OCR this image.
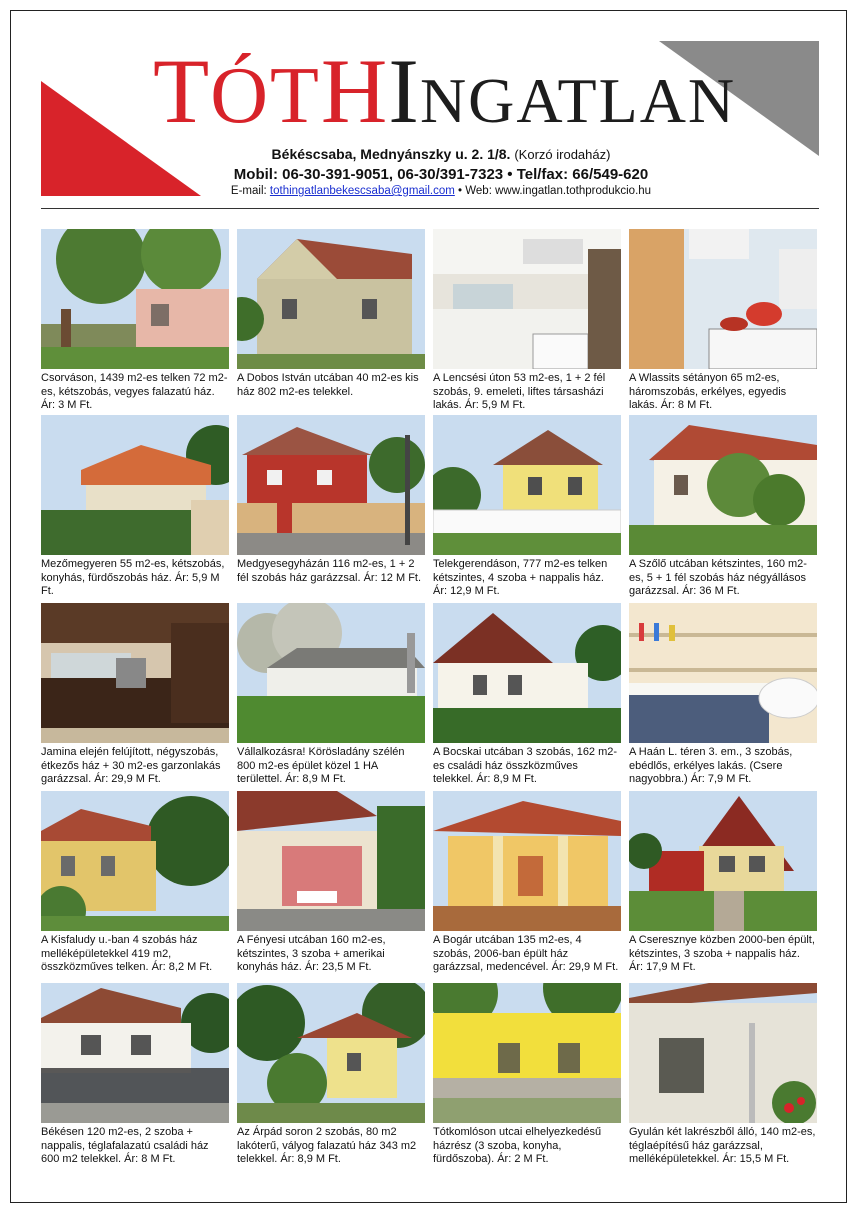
TÓTHINGATLAN
Békéscsaba, Mednyánszky u. 2. 1/8. (Korzó irodaház)
Mobil: 06-30-391-9051, 06-30/391-7323 • Tel/fax: 66/549-620
E-mail: tothingatlanbekescsaba@gmail.com • Web: www.ingatlan.tothprodukcio.hu
Csorváson, 1439 m2-es telken 72 m2-es, kétszobás, vegyes falazatú ház. Ár: 3 M Ft.
A Dobos István utcában 40 m2-es kis ház 802 m2-es telekkel.
A Lencsési úton 53 m2-es, 1 + 2 fél szobás, 9. emeleti, liftes társasházi lakás. Ár: 5,9 M Ft.
A Wlassits sétányon 65 m2-es, háromszobás, erkélyes, egyedis lakás. Ár: 8 M Ft.
Mezőmegyeren 55 m2-es, kétszobás, konyhás, fürdőszobás ház. Ár: 5,9 M Ft.
Medgyesegyházán 116 m2-es, 1 + 2 fél szobás ház garázzsal. Ár: 12 M Ft.
Telekgerendáson, 777 m2-es telken kétszintes, 4 szoba + nappalis ház. Ár: 12,9 M Ft.
A Szőlő utcában kétszintes, 160 m2-es, 5 + 1 fél szobás ház négyállásos garázzsal. Ár: 36 M Ft.
Jamina elején felújított, négyszobás, étkezős ház + 30 m2-es garzonlakás garázzsal. Ár: 29,9 M Ft.
Vállalkozásra! Körösladány szélén 800 m2-es épület közel 1 HA területtel. Ár: 8,9 M Ft.
A Bocskai utcában 3 szobás, 162 m2-es családi ház összközműves telekkel. Ár: 8,9 M Ft.
A Haán L. téren 3. em., 3 szobás, ebédlős, erkélyes lakás. (Csere nagyobbra.) Ár: 7,9 M Ft.
A Kisfaludy u.-ban 4 szobás ház melléképületekkel 419 m2, összközműves telken. Ár: 8,2 M Ft.
A Fényesi utcában 160 m2-es, kétszintes, 3 szoba + amerikai konyhás ház. Ár: 23,5 M Ft.
A Bogár utcában 135 m2-es, 4 szobás, 2006-ban épült ház garázzsal, medencével. Ár: 29,9 M Ft.
A Cseresznye közben 2000-ben épült, kétszintes, 3 szoba + nappalis ház. Ár: 17,9 M Ft.
Békésen 120 m2-es, 2 szoba + nappalis, téglafalazatú családi ház 600 m2 telekkel. Ár: 8 M Ft.
Az Árpád soron 2 szobás, 80 m2 lakóterű, vályog falazatú ház 343 m2 telekkel. Ár: 8,9 M Ft.
Tótkomlóson utcai elhelyezkedésű házrész (3 szoba, konyha, fürdőszoba). Ár: 2 M Ft.
Gyulán két lakrészből álló, 140 m2-es, téglaépítésű ház garázzsal, melléképületekkel. Ár: 15,5 M Ft.
